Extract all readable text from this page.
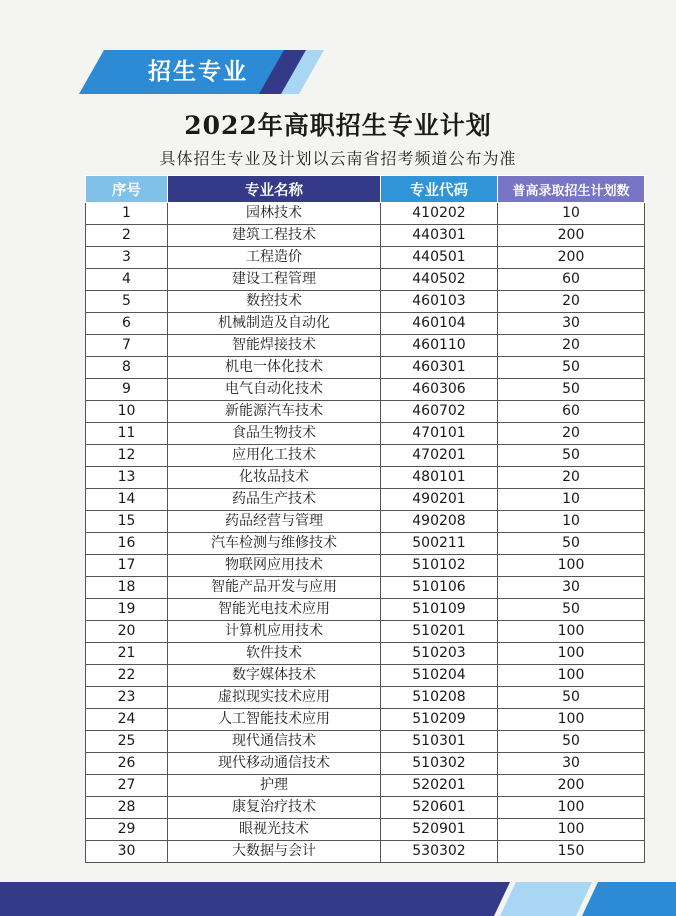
招生专业
2022年高职招生专业计划
具体招生专业及计划以云南省招考频道公布为准
序号	专业名称	专业代码	普高录取招生计划数
1	园林技术	410202	10
2	建筑工程技术	440301	200
3	工程造价	440501	200
4	建设工程管理	440502	60
5	数控技术	460103	20
6	机械制造及自动化	460104	30
7	智能焊接技术	460110	20
8	机电一体化技术	460301	50
9	电气自动化技术	460306	50
10	新能源汽车技术	460702	60
11	食品生物技术	470101	20
12	应用化工技术	470201	50
13	化妆品技术	480101	20
14	药品生产技术	490201	10
15	药品经营与管理	490208	10
16	汽车检测与维修技术	500211	50
17	物联网应用技术	510102	100
18	智能产品开发与应用	510106	30
19	智能光电技术应用	510109	50
20	计算机应用技术	510201	100
21	软件技术	510203	100
22	数字媒体技术	510204	100
23	虚拟现实技术应用	510208	50
24	人工智能技术应用	510209	100
25	现代通信技术	510301	50
26	现代移动通信技术	510302	30
27	护理	520201	200
28	康复治疗技术	520601	100
29	眼视光技术	520901	100
30	大数据与会计	530302	150
